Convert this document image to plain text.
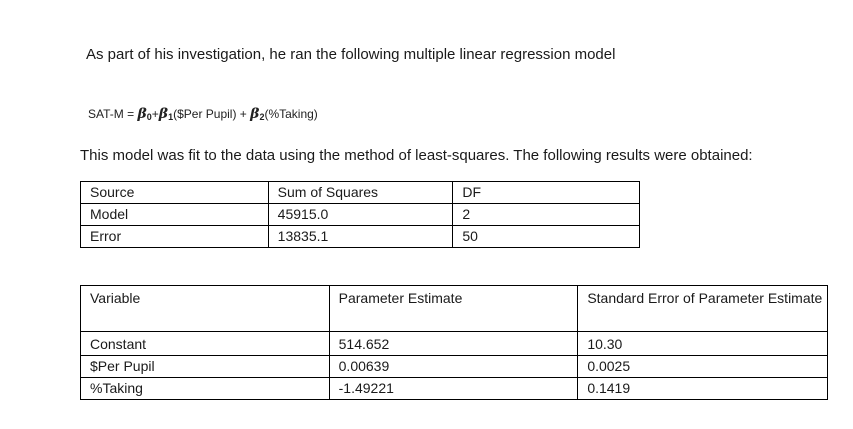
As part of his investigation, he ran the following multiple linear regression model
$SAT-M = \beta_0+\beta_1(\$Per$ Pupil) + $\beta_2(\%Taking)$
This model was fit to the data using the method of least-squares. The following results were obtained:
Source	Sum of Squares	DF
Model	45915.0	2
Error	13835.1	50
Variable	Parameter Estimate	Standard Error of Parameter Estimate
Constant	514.652	10.30
$Per Pupil	0.00639	0.0025
%Taking	-1.49221	0.1419
